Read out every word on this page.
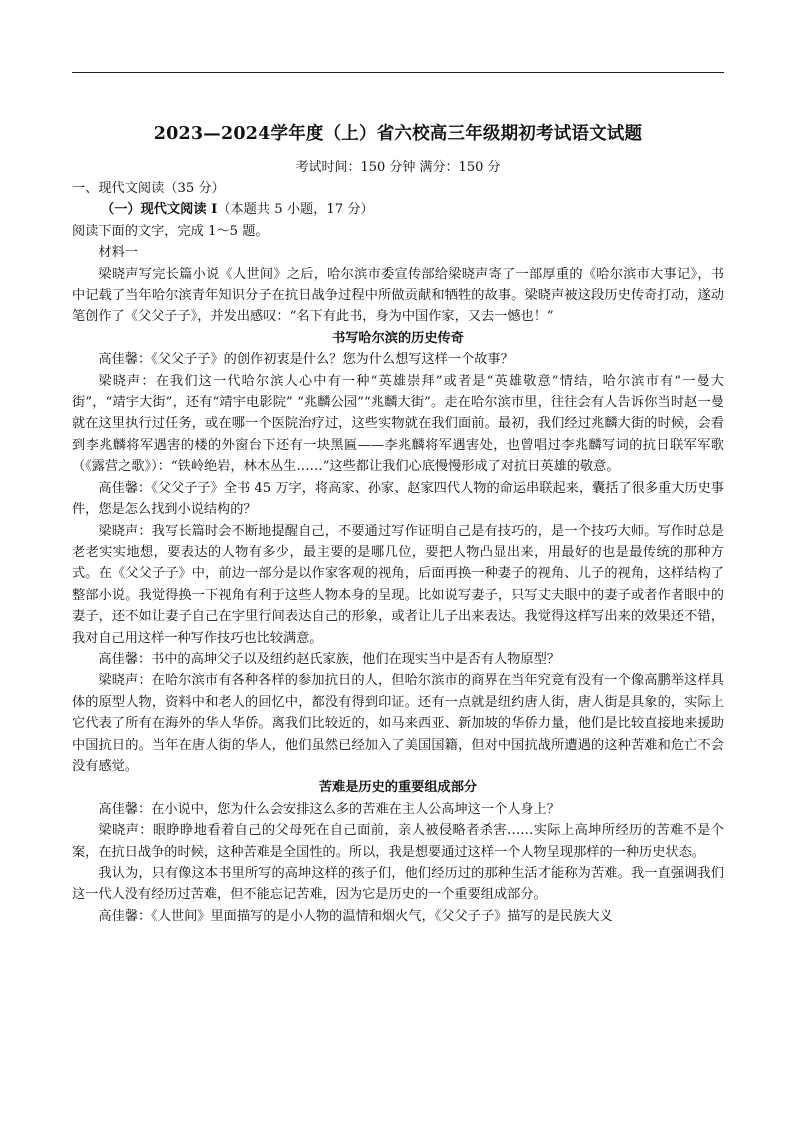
2023—2024学年度（上）省六校高三年级期初考试语文试题
考试时间：150 分钟 满分：150 分

一、现代文阅读（35 分）

（一）现代文阅读 I（本题共 5 小题，17 分）

阅读下面的文字，完成 1～5 题。

材料一

梁晓声写完长篇小说《人世间》之后，哈尔滨市委宣传部给梁晓声寄了一部厚重的《哈尔滨市大事记》，书中记载了当年哈尔滨青年知识分子在抗日战争过程中所做贡献和牺牲的故事。梁晓声被这段历史传奇打动，遂动笔创作了《父父子子》，并发出感叹：“名下有此书，身为中国作家，又去一憾也！”

书写哈尔滨的历史传奇

高佳馨：《父父子子》的创作初衷是什么？您为什么想写这样一个故事？

梁晓声：在我们这一代哈尔滨人心中有一种“英雄崇拜”或者是“英雄敬意”情结，哈尔滨市有“一曼大街”，“靖宇大街”，还有“靖宇电影院” “兆麟公园”“兆麟大街”。走在哈尔滨市里，往往会有人告诉你当时赵一曼就在这里执行过任务，或在哪一个医院治疗过，这些实物就在我们面前。最初，我们经过兆麟大街的时候，会看到李兆麟将军遇害的楼的外窗台下还有一块黑匾——李兆麟将军遇害处，也曾唱过李兆麟写词的抗日联军军歌（《露营之歌》）：“铁岭绝岩，林木丛生……”这些都让我们心底慢慢形成了对抗日英雄的敬意。

高佳馨：《父父子子》全书 45 万字，将高家、孙家、赵家四代人物的命运串联起来，囊括了很多重大历史事件，您是怎么找到小说结构的？

梁晓声：我写长篇时会不断地提醒自己，不要通过写作证明自己是有技巧的，是一个技巧大师。写作时总是老老实实地想，要表达的人物有多少，最主要的是哪几位，要把人物凸显出来，用最好的也是最传统的那种方式。在《父父子子》中，前边一部分是以作家客观的视角，后面再换一种妻子的视角、儿子的视角，这样结构了整部小说。我觉得换一下视角有利于这些人物本身的呈现。比如说写妻子，只写丈夫眼中的妻子或者作者眼中的妻子，还不如让妻子自己在字里行间表达自己的形象，或者让儿子出来表达。我觉得这样写出来的效果还不错，我对自己用这样一种写作技巧也比较满意。

高佳馨：书中的高坤父子以及纽约赵氏家族，他们在现实当中是否有人物原型？

梁晓声：在哈尔滨市有各种各样的参加抗日的人，但哈尔滨市的商界在当年究竟有没有一个像高鹏举这样具体的原型人物，资料中和老人的回忆中，都没有得到印证。还有一点就是纽约唐人街，唐人街是具象的，实际上它代表了所有在海外的华人华侨。离我们比较近的，如马来西亚、新加坡的华侨力量，他们是比较直接地来援助中国抗日的。当年在唐人街的华人，他们虽然已经加入了美国国籍，但对中国抗战所遭遇的这种苦难和危亡不会没有感觉。

苦难是历史的重要组成部分

高佳馨：在小说中，您为什么会安排这么多的苦难在主人公高坤这一个人身上？

梁晓声：眼睁睁地看着自己的父母死在自己面前，亲人被侵略者杀害……实际上高坤所经历的苦难不是个案，在抗日战争的时候，这种苦难是全国性的。所以，我是想要通过这样一个人物呈现那样的一种历史状态。

我认为，只有像这本书里所写的高坤这样的孩子们，他们经历过的那种生活才能称为苦难。我一直强调我们这一代人没有经历过苦难，但不能忘记苦难，因为它是历史的一个重要组成部分。

高佳馨：《人世间》里面描写的是小人物的温情和烟火气，《父父子子》描写的是民族大义
